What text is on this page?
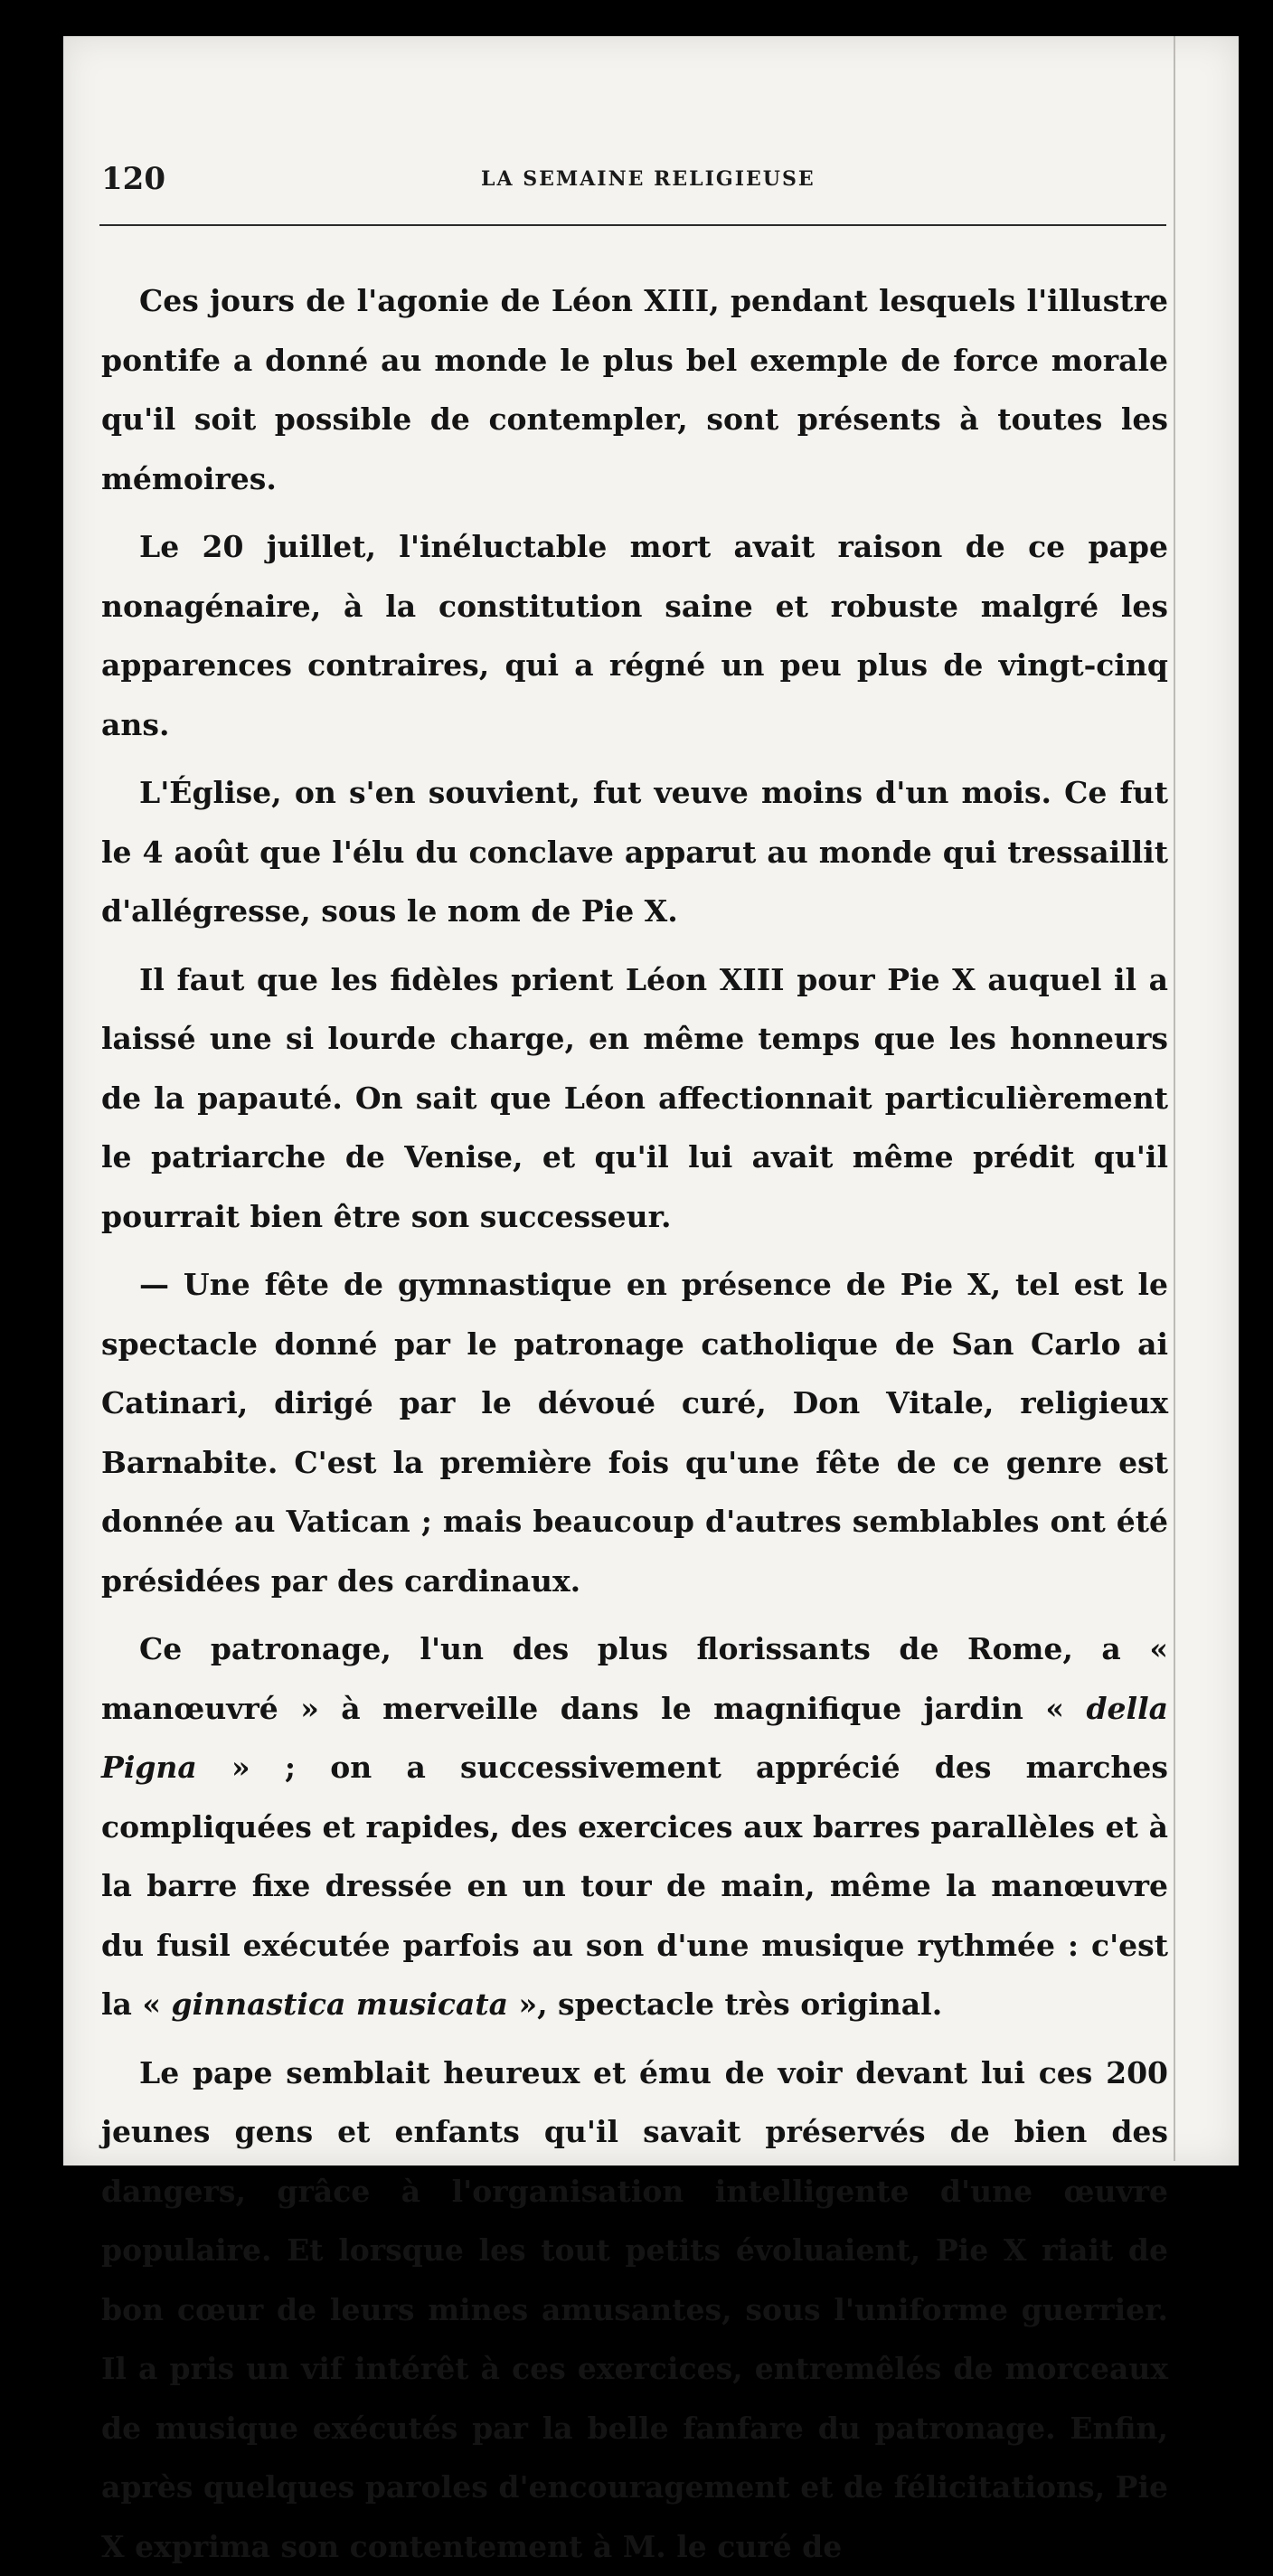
120	LA SEMAINE RELIGIEUSE

Ces jours de l'agonie de Léon XIII, pendant lesquels l'illustre pontife a donné au monde le plus bel exemple de force morale qu'il soit possible de contempler, sont présents à toutes les mémoires.

Le 20 juillet, l'inéluctable mort avait raison de ce pape nonagénaire, à la constitution saine et robuste malgré les apparences contraires, qui a régné un peu plus de vingt-cinq ans.

L'Église, on s'en souvient, fut veuve moins d'un mois. Ce fut le 4 août que l'élu du conclave apparut au monde qui tressaillit d'allégresse, sous le nom de Pie X.

Il faut que les fidèles prient Léon XIII pour Pie X auquel il a laissé une si lourde charge, en même temps que les honneurs de la papauté. On sait que Léon affectionnait particulièrement le patriarche de Venise, et qu'il lui avait même prédit qu'il pourrait bien être son successeur.

— Une fête de gymnastique en présence de Pie X, tel est le spectacle donné par le patronage catholique de San Carlo ai Catinari, dirigé par le dévoué curé, Don Vitale, religieux Barnabite. C'est la première fois qu'une fête de ce genre est donnée au Vatican ; mais beaucoup d'autres semblables ont été présidées par des cardinaux.

Ce patronage, l'un des plus florissants de Rome, a « manœuvré » à merveille dans le magnifique jardin « della Pigna » ; on a successivement apprécié des marches compliquées et rapides, des exercices aux barres parallèles et à la barre fixe dressée en un tour de main, même la manœuvre du fusil exécutée parfois au son d'une musique rythmée : c'est la « ginnastica musicata », spectacle très original.

Le pape semblait heureux et ému de voir devant lui ces 200 jeunes gens et enfants qu'il savait préservés de bien des dangers, grâce à l'organisation intelligente d'une œuvre populaire. Et lorsque les tout petits évoluaient, Pie X riait de bon cœur de leurs mines amusantes, sous l'uniforme guerrier. Il a pris un vif intérêt à ces exercices, entremêlés de morceaux de musique exécutés par la belle fanfare du patronage. Enfin, après quelques paroles d'encouragement et de félicitations, Pie X exprima son contentement à M. le curé de
